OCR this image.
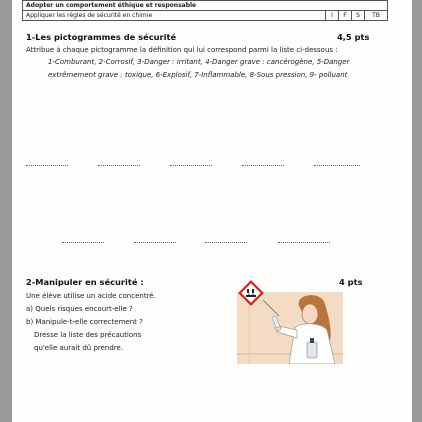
Adopter un comportement éthique et responsable
Appliquer les règles de sécurité en chimie	I	F	S	TB
1-Les pictogrammes de sécurité	4,5 pts
Attribue à chaque pictogramme la définition qui lui correspond parmi la liste ci-dessous :
1-Comburant, 2-Corrosif, 3-Danger : irritant, 4-Danger grave : cancérogène, 5-Danger
extrêmement grave : toxique, 6-Explosif, 7-Inflammable, 8-Sous pression, 9- polluant
2-Manipuler en sécurité :	4 pts
Une élève utilise un acide concentré.
a) Quels risques encourt-elle ?
b) Manipule-t-elle correctement ?
Dresse la liste des précautions
qu'elle aurait dû prendre.
